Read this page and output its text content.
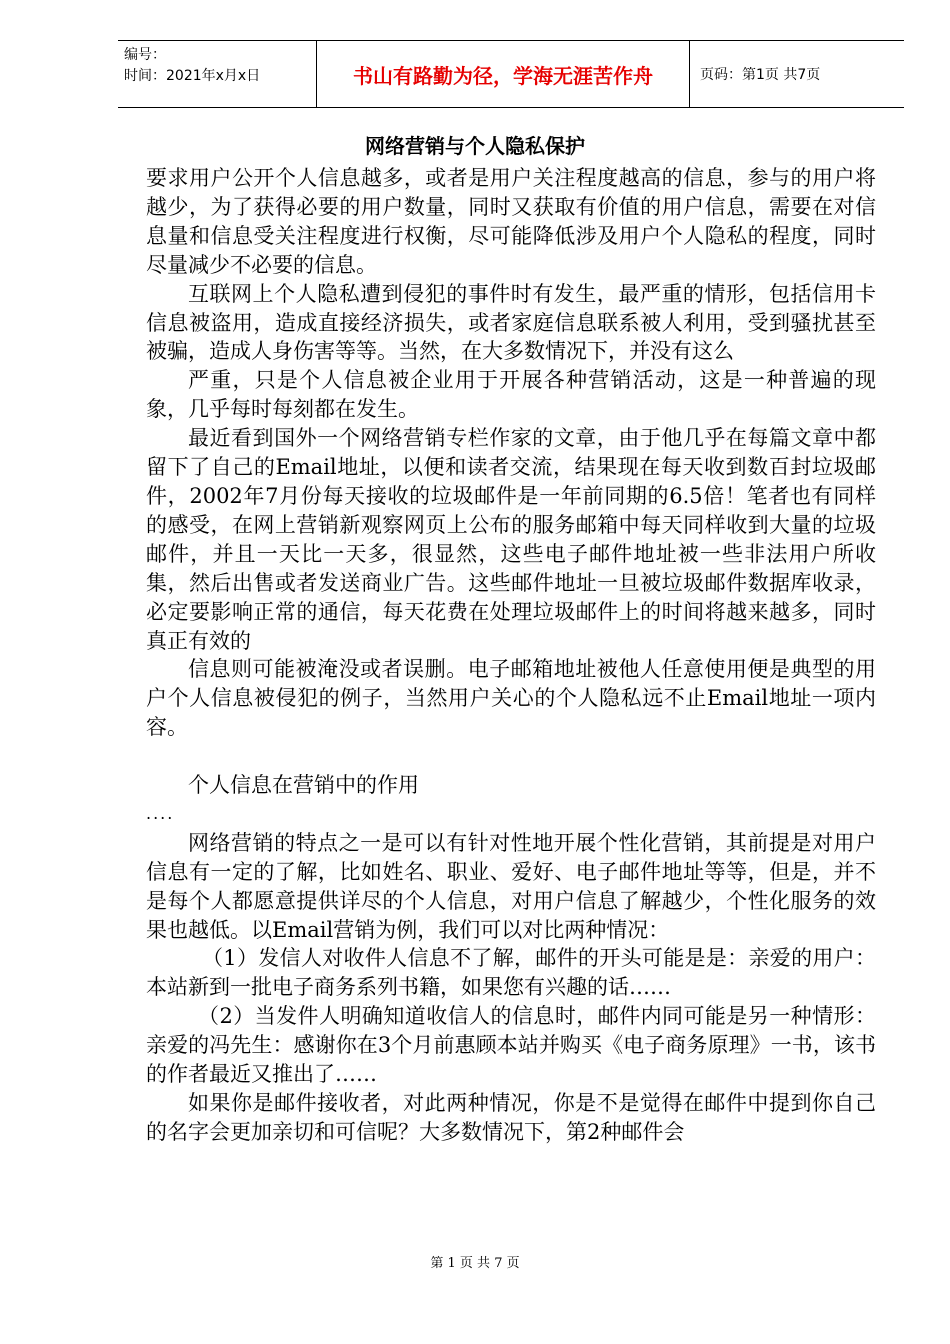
编号：
时间：2021年x月x日	书山有路勤为径，学海无涯苦作舟	页码：第1页 共7页
网络营销与个人隐私保护

要求用户公开个人信息越多，或者是用户关注程度越高的信息，参与的用户将越少，为了获得必要的用户数量，同时又获取有价值的用户信息，需要在对信息量和信息受关注程度进行权衡，尽可能降低涉及用户个人隐私的程度，同时尽量减少不必要的信息。

互联网上个人隐私遭到侵犯的事件时有发生，最严重的情形，包括信用卡信息被盗用，造成直接经济损失，或者家庭信息联系被人利用，受到骚扰甚至被骗，造成人身伤害等等。当然，在大多数情况下，并没有这么

严重，只是个人信息被企业用于开展各种营销活动，这是一种普遍的现象，几乎每时每刻都在发生。

最近看到国外一个网络营销专栏作家的文章，由于他几乎在每篇文章中都留下了自己的Email地址，以便和读者交流，结果现在每天收到数百封垃圾邮件，2002年7月份每天接收的垃圾邮件是一年前同期的6.5倍！笔者也有同样的感受，在网上营销新观察网页上公布的服务邮箱中每天同样收到大量的垃圾邮件，并且一天比一天多，很显然，这些电子邮件地址被一些非法用户所收集，然后出售或者发送商业广告。这些邮件地址一旦被垃圾邮件数据库收录，必定要影响正常的通信，每天花费在处理垃圾邮件上的时间将越来越多，同时真正有效的

信息则可能被淹没或者误删。电子邮箱地址被他人任意使用便是典型的用户个人信息被侵犯的例子，当然用户关心的个人隐私远不止Email地址一项内容。

个人信息在营销中的作用

....

网络营销的特点之一是可以有针对性地开展个性化营销，其前提是对用户信息有一定的了解，比如姓名、职业、爱好、电子邮件地址等等，但是，并不是每个人都愿意提供详尽的个人信息，对用户信息了解越少，个性化服务的效果也越低。以Email营销为例，我们可以对比两种情况：

（1）发信人对收件人信息不了解，邮件的开头可能是是：亲爱的用户：本站新到一批电子商务系列书籍，如果您有兴趣的话……

（2）当发件人明确知道收信人的信息时，邮件内同可能是另一种情形：亲爱的冯先生：感谢你在3个月前惠顾本站并购买《电子商务原理》一书，该书的作者最近又推出了……

如果你是邮件接收者，对此两种情况，你是不是觉得在邮件中提到你自己的名字会更加亲切和可信呢？大多数情况下，第2种邮件会

第 1 页 共 7 页
